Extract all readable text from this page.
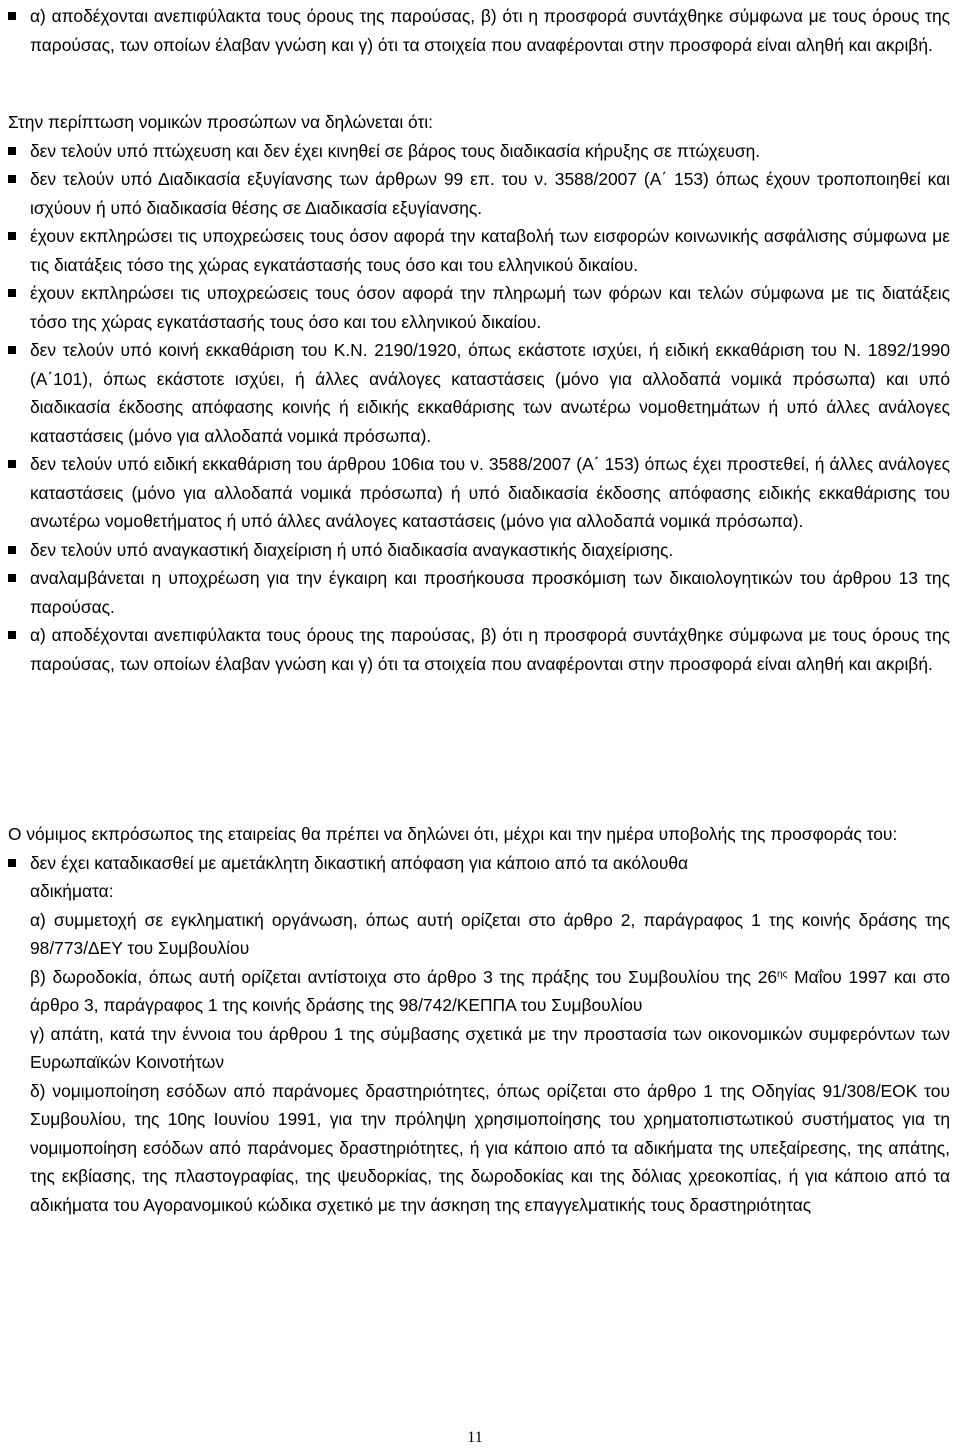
α) αποδέχονται ανεπιφύλακτα τους όρους της παρούσας, β) ότι η προσφορά συντάχθηκε σύμφωνα με τους όρους της παρούσας, των οποίων έλαβαν γνώση και γ) ότι τα στοιχεία που αναφέρονται στην προσφορά είναι αληθή και ακριβή.
Στην περίπτωση νομικών προσώπων να δηλώνεται ότι:
δεν τελούν υπό πτώχευση και δεν έχει κινηθεί σε βάρος τους διαδικασία κήρυξης σε πτώχευση.
δεν τελούν υπό Διαδικασία εξυγίανσης των άρθρων 99 επ. του ν. 3588/2007 (Α΄ 153) όπως έχουν τροποποιηθεί και ισχύουν ή υπό διαδικασία θέσης σε Διαδικασία εξυγίανσης.
έχουν εκπληρώσει τις υποχρεώσεις τους όσον αφορά την καταβολή των εισφορών κοινωνικής ασφάλισης σύμφωνα με τις διατάξεις τόσο της χώρας εγκατάστασής τους όσο και του ελληνικού δικαίου.
έχουν εκπληρώσει τις υποχρεώσεις τους όσον αφορά την πληρωμή των φόρων και τελών σύμφωνα με τις διατάξεις τόσο της χώρας εγκατάστασής τους όσο και του ελληνικού δικαίου.
δεν τελούν υπό κοινή εκκαθάριση του Κ.Ν. 2190/1920, όπως εκάστοτε ισχύει, ή ειδική εκκαθάριση του Ν. 1892/1990 (Α΄101), όπως εκάστοτε ισχύει, ή άλλες ανάλογες καταστάσεις (μόνο για αλλοδαπά νομικά πρόσωπα) και υπό διαδικασία έκδοσης απόφασης κοινής ή ειδικής εκκαθάρισης των ανωτέρω νομοθετημάτων ή υπό άλλες ανάλογες καταστάσεις (μόνο για αλλοδαπά νομικά πρόσωπα).
δεν τελούν υπό ειδική εκκαθάριση του άρθρου 106ια του ν. 3588/2007 (Α΄ 153) όπως έχει προστεθεί, ή άλλες ανάλογες καταστάσεις (μόνο για αλλοδαπά νομικά πρόσωπα) ή υπό διαδικασία έκδοσης απόφασης ειδικής εκκαθάρισης του ανωτέρω νομοθετήματος ή υπό άλλες ανάλογες καταστάσεις (μόνο για αλλοδαπά νομικά πρόσωπα).
δεν τελούν υπό αναγκαστική διαχείριση ή υπό διαδικασία αναγκαστικής διαχείρισης.
αναλαμβάνεται η υποχρέωση για την έγκαιρη και προσήκουσα προσκόμιση των δικαιολογητικών του άρθρου 13 της παρούσας.
α) αποδέχονται ανεπιφύλακτα τους όρους της παρούσας, β) ότι η προσφορά συντάχθηκε σύμφωνα με τους όρους της παρούσας, των οποίων έλαβαν γνώση και γ) ότι τα στοιχεία που αναφέρονται στην προσφορά είναι αληθή και ακριβή.
Ο νόμιμος εκπρόσωπος της εταιρείας θα πρέπει να δηλώνει ότι, μέχρι και την ημέρα υποβολής της προσφοράς του:
δεν έχει καταδικασθεί με αμετάκλητη δικαστική απόφαση για κάποιο από τα ακόλουθα
αδικήματα:
α) συμμετοχή σε εγκληματική οργάνωση, όπως αυτή ορίζεται στο άρθρο 2, παράγραφος 1 της κοινής δράσης της 98/773/ΔΕΥ του Συμβουλίου
β) δωροδοκία, όπως αυτή ορίζεται αντίστοιχα στο άρθρο 3 της πράξης του Συμβουλίου της $26^{\eta\varsigma}$ Μαΐου 1997 και στο άρθρο 3, παράγραφος 1 της κοινής δράσης της 98/742/ΚΕΠΠΑ του Συμβουλίου
γ) απάτη, κατά την έννοια του άρθρου 1 της σύμβασης σχετικά με την προστασία των οικονομικών συμφερόντων των Ευρωπαϊκών Κοινοτήτων
δ) νομιμοποίηση εσόδων από παράνομες δραστηριότητες, όπως ορίζεται στο άρθρο 1 της Οδηγίας 91/308/ΕΟΚ του Συμβουλίου, της 10ης Ιουνίου 1991, για την πρόληψη χρησιμοποίησης του χρηματοπιστωτικού συστήματος για τη νομιμοποίηση εσόδων από παράνομες δραστηριότητες, ή για κάποιο από τα αδικήματα της υπεξαίρεσης, της απάτης, της εκβίασης, της πλαστογραφίας, της ψευδορκίας, της δωροδοκίας και της δόλιας χρεοκοπίας, ή για κάποιο από τα αδικήματα του Αγορανομικού κώδικα σχετικό με την άσκηση της επαγγελματικής τους δραστηριότητας
11
